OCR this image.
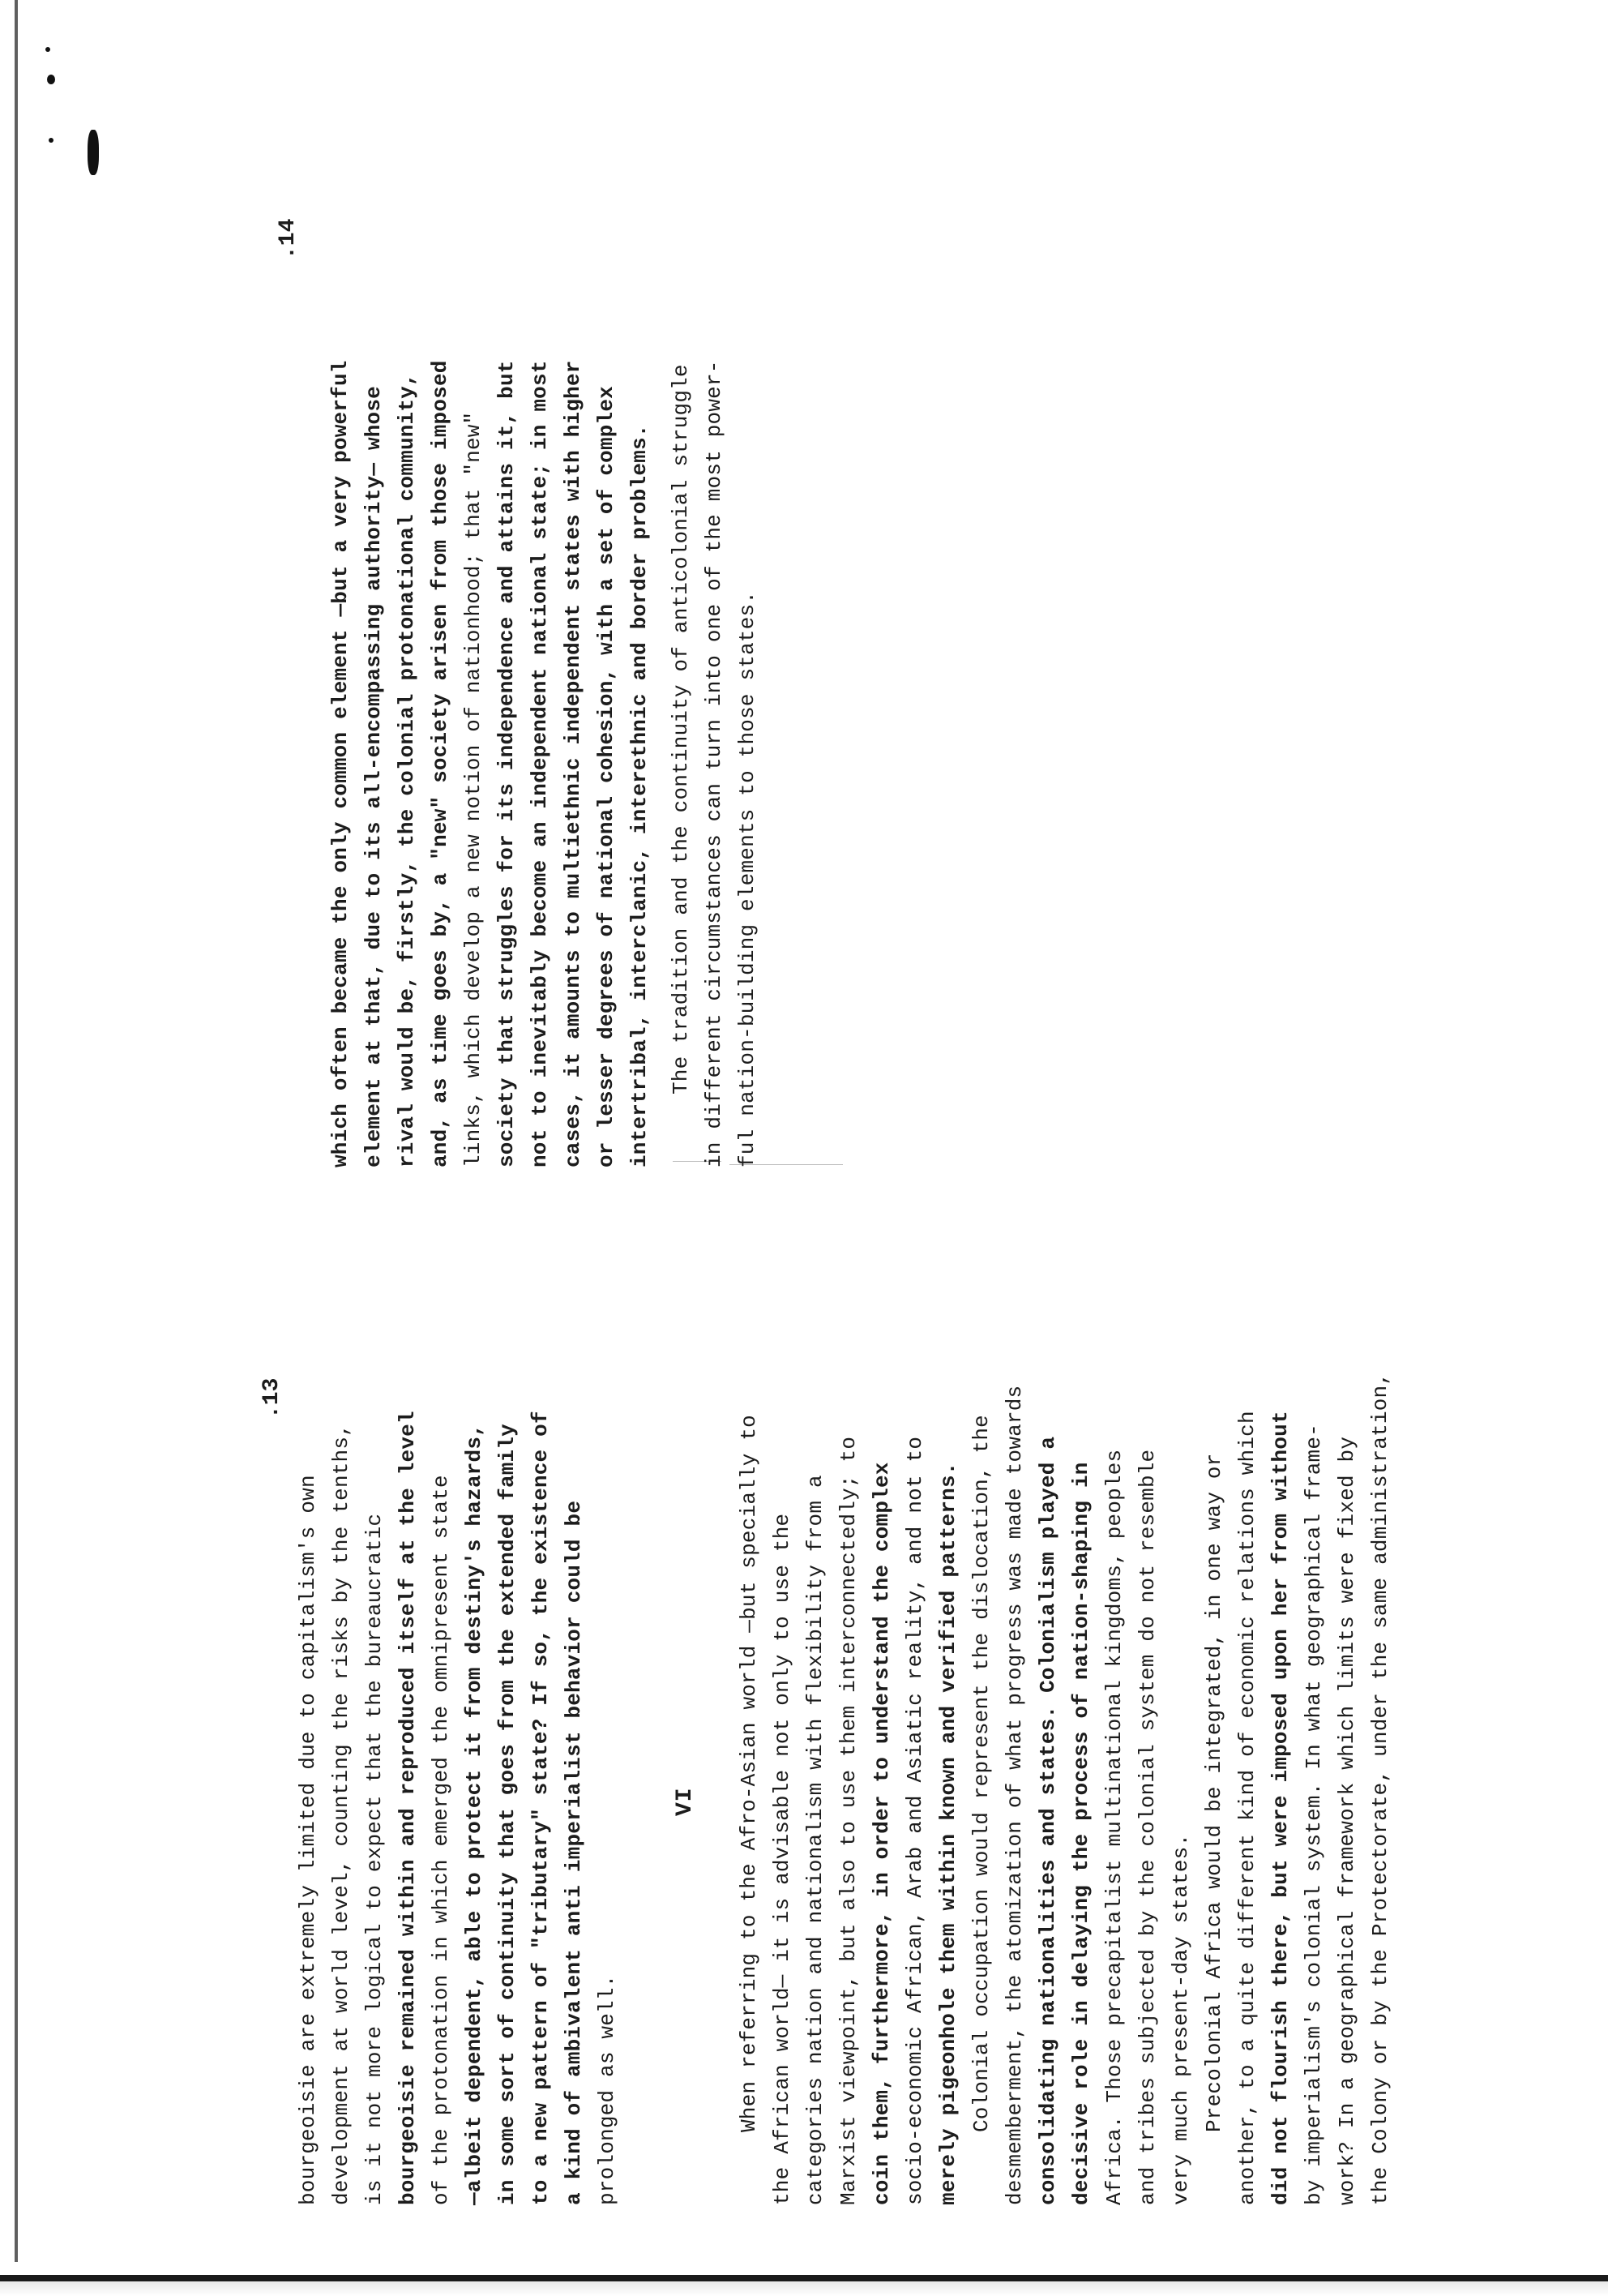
bourgeoisie are extremely limited due to capitalism's own development at world level, counting the risks by the tenths, is it not more logical to expect that the bureaucratic bourgeoisie remained within and reproduced itself at the level of the protonation in which emerged the omnipresent state —albeit dependent, able to protect it from destiny's hazards, in some sort of continuity that goes from the extended family to a new pattern of "tributary" state? If so, the existence of a kind of ambivalent anti imperialist behavior could be prolonged as well.	When referring to the Afro-Asian world —but specially to the African world— it is advisable not only to use the categories nation and nationalism with flexibility from a Marxist viewpoint, but also to use them interconnectedly; to coin them, furthermore, in order to understand the complex socio-economic African, Arab and Asiatic reality, and not to merely pigeonhole them within known and verified patterns. Colonial occupation would represent the dislocation, the desmemberment, the atomization of what progress was made towards consolidating nationalities and states. Colonialism played a decisive role in delaying the process of nation-shaping in Africa. Those precapitalist multinational kingdoms, peoples and tribes subjected by the colonial system do not resemble very much present-day states. Precolonial Africa would be integrated, in one way or another, to a quite different kind of economic relations which did not flourish there, but were imposed upon her from without by imperialism's colonial system. In what geographical frame- work? In a geographical framework which limits were fixed by the Colony or by the Protectorate, under the same administration,
.13
VI
which often became the only common element —but a very powerful element at that, due to its all-encompassing authority— whose rival would be, firstly, the colonial protonational community, and, as time goes by, a "new" society arisen from those imposed links, which develop a new notion of nationhood; that "new" society that struggles for its independence and attains it, but not to inevitably become an independent national state; in most cases, it amounts to multiethnic independent states with higher or lesser degrees of national cohesion, with a set of complex intertribal, interclanic, interethnic and border problems. The tradition and the continuity of anticolonial struggle in different circumstances can turn into one of the most power- ful nation-building elements to those states.
.14
